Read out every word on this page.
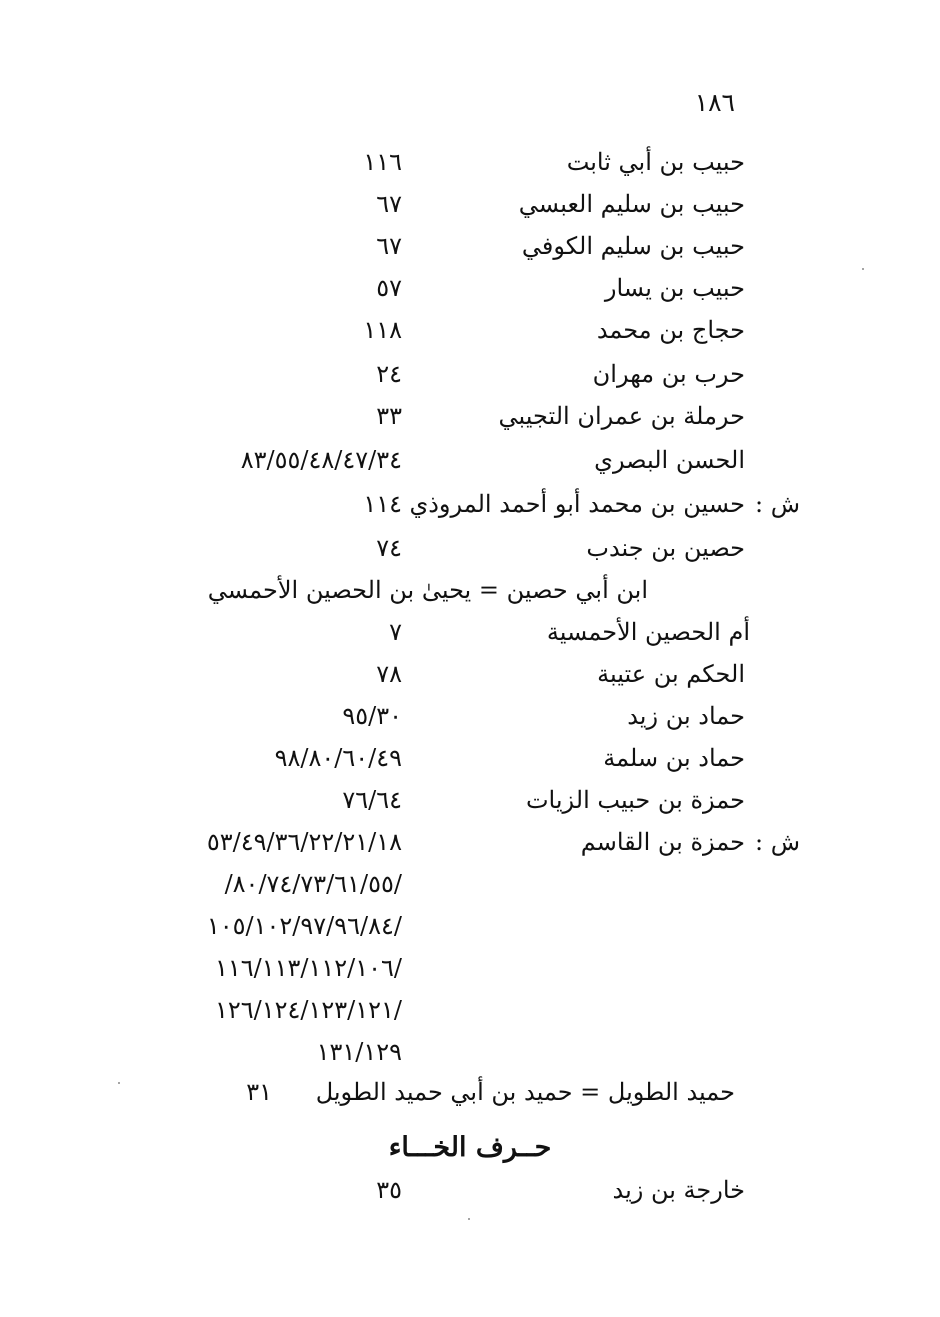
١٨٦
حبيب بن أبي ثابت
١١٦
حبيب بن سليم العبسي
٦٧
حبيب بن سليم الكوفي
٦٧
حبيب بن يسار
٥٧
حجاج بن محمد
١١٨
حرب بن مهران
٢٤
حرملة بن عمران التجيبي
٣٣
الحسن البصري
٨٣/٥٥/٤٨/٤٧/٣٤
ش :
حسين بن محمد أبو أحمد المروذي
١١٤
حصين بن جندب
٧٤
ابن أبي حصين = يحيىٰ بن الحصين الأحمسي
أم الحصين الأحمسية
٧
الحكم بن عتيبة
٧٨
حماد بن زيد
٩٥/٣٠
حماد بن سلمة
٩٨/٨٠/٦٠/٤٩
حمزة بن حبيب الزيات
٧٦/٦٤
ش :
حمزة بن القاسم
٥٣/٤٩/٣٦/٢٢/٢١/١٨
/٨٠/٧٤/٧٣/٦١/٥٥/
/١٠٥/١٠٢/٩٧/٩٦/٨٤
/١١٦/١١٣/١١٢/١٠٦
/١٢٦/١٢٤/١٢٣/١٢١
١٣١/١٢٩
حميد الطويل = حميد بن أبي حميد الطويل
٣١
حــرف الخـــاء
خارجة بن زيد
٣٥
